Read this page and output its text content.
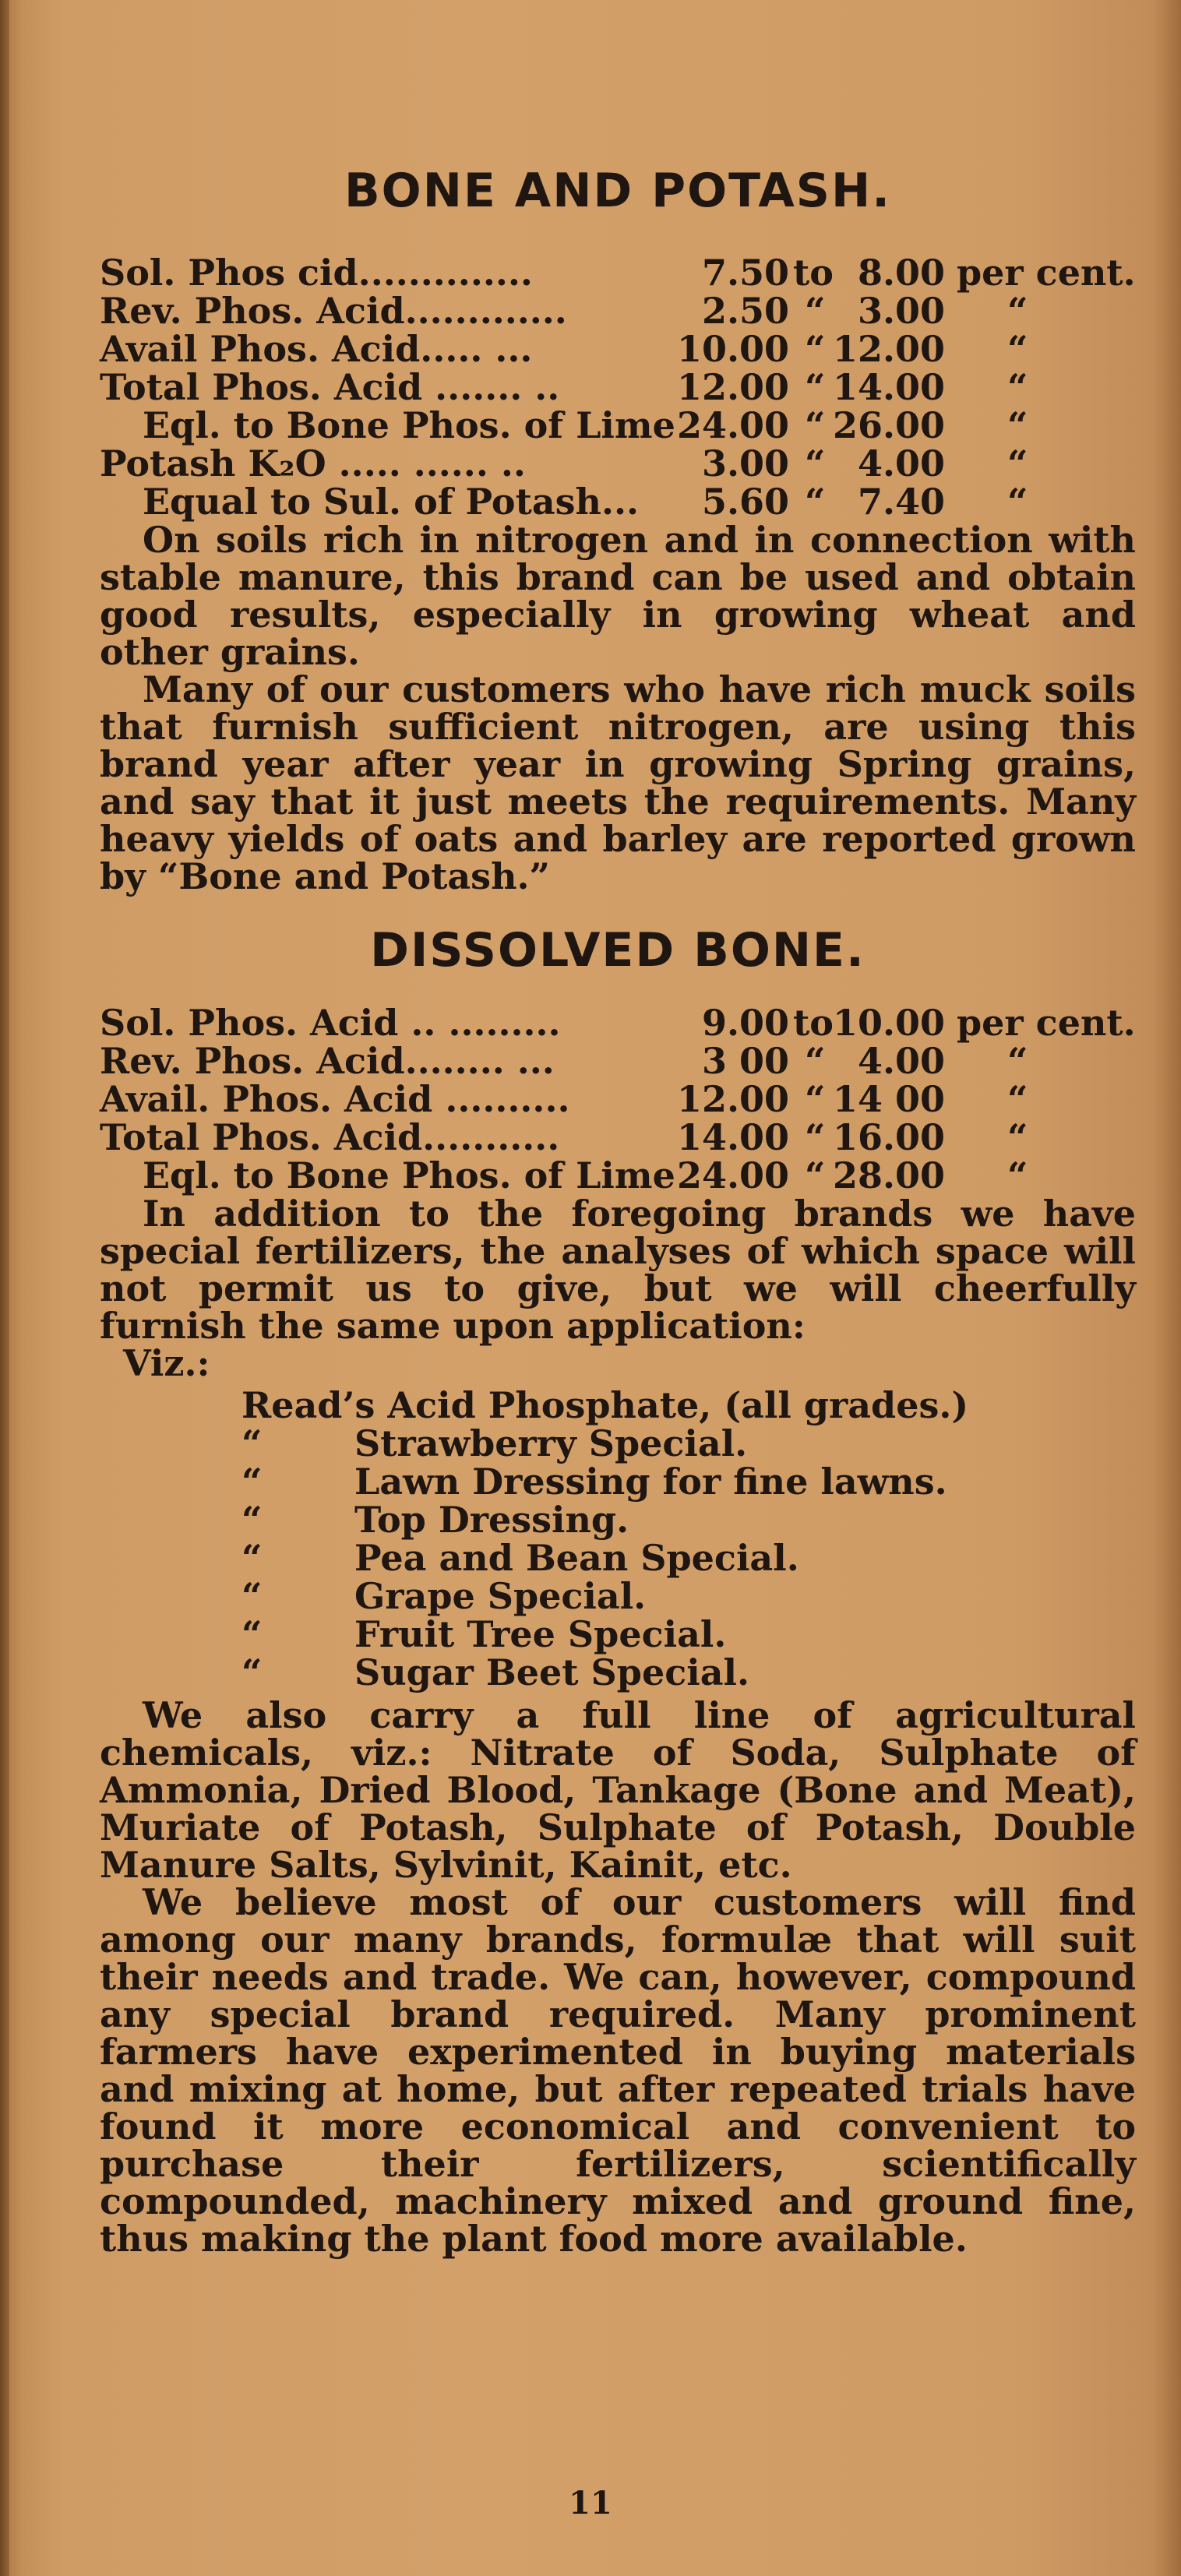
BONE AND POTASH.
Sol. Phos cid..............	7.50 to 8.00 per cent.
Rev. Phos. Acid.............	2.50 “ 3.00 “
Avail Phos. Acid..... ...	10.00 “ 12.00 “
Total Phos. Acid ....... ..	12.00 “ 14.00 “
Eql. to Bone Phos. of Lime 24.00 “ 26.00 “
Potash K₂O ..... ...... ..	3.00 “ 4.00 “
Equal to Sul. of Potash... 5.60 “ 7.40 “

On soils rich in nitrogen and in connection with stable manure, this brand can be used and obtain good results, especially in growing wheat and other grains.

Many of our customers who have rich muck soils that furnish sufficient nitrogen, are using this brand year after year in growing Spring grains, and say that it just meets the requirements. Many heavy yields of oats and barley are reported grown by “Bone and Potash.”

DISSOLVED BONE.
Sol. Phos. Acid .. .........	9.00 to 10.00 per cent.
Rev. Phos. Acid........ ...	3 00 “ 4.00 “
Avail. Phos. Acid ..........	12.00 “ 14 00 “
Total Phos. Acid...........	14.00 “ 16.00 “
Eql. to Bone Phos. of Lime 24.00 “ 28.00 “

In addition to the foregoing brands we have special fertilizers, the analyses of which space will not permit us to give, but we will cheerfully furnish the same upon application:

Viz.:
Read’s Acid Phosphate, (all grades.)
“	Strawberry Special.
“	Lawn Dressing for fine lawns.
“	Top Dressing.
“	Pea and Bean Special.
“	Grape Special.
“	Fruit Tree Special.
“	Sugar Beet Special.

We also carry a full line of agricultural chemicals, viz.: Nitrate of Soda, Sulphate of Ammonia, Dried Blood, Tankage (Bone and Meat), Muriate of Potash, Sulphate of Potash, Double Manure Salts, Sylvinit, Kainit, etc.

We believe most of our customers will find among our many brands, formulæ that will suit their needs and trade. We can, however, compound any special brand required. Many prominent farmers have experimented in buying materials and mixing at home, but after repeated trials have found it more economical and convenient to purchase their fertilizers, scientifically compounded, machinery mixed and ground fine, thus making the plant food more available.

11
